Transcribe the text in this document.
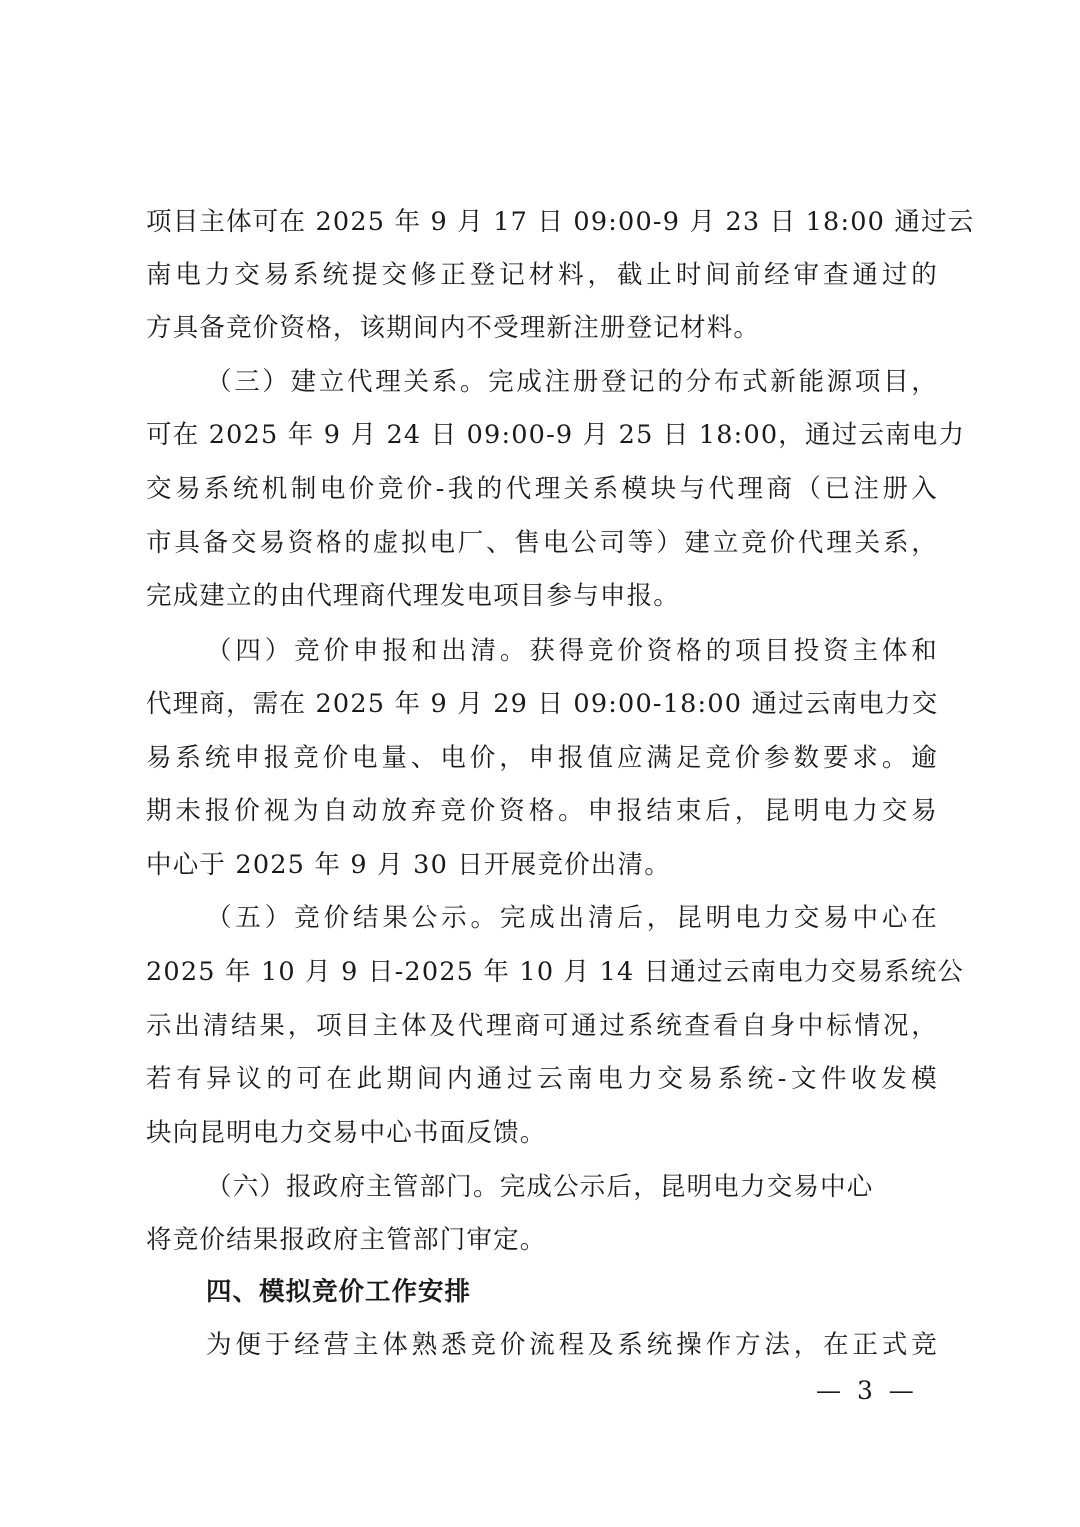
项目主体可在 2025 年 9 月 17 日 09:00-9 月 23 日 18:00 通过云
南电力交易系统提交修正登记材料，截止时间前经审查通过的
方具备竞价资格，该期间内不受理新注册登记材料。
（三）建立代理关系。完成注册登记的分布式新能源项目，
可在 2025 年 9 月 24 日 09:00-9 月 25 日 18:00，通过云南电力
交易系统机制电价竞价-我的代理关系模块与代理商（已注册入
市具备交易资格的虚拟电厂、售电公司等）建立竞价代理关系，
完成建立的由代理商代理发电项目参与申报。
（四）竞价申报和出清。获得竞价资格的项目投资主体和
代理商，需在 2025 年 9 月 29 日 09:00-18:00 通过云南电力交
易系统申报竞价电量、电价，申报值应满足竞价参数要求。逾
期未报价视为自动放弃竞价资格。申报结束后，昆明电力交易
中心于 2025 年 9 月 30 日开展竞价出清。
（五）竞价结果公示。完成出清后，昆明电力交易中心在
2025 年 10 月 9 日-2025 年 10 月 14 日通过云南电力交易系统公
示出清结果，项目主体及代理商可通过系统查看自身中标情况，
若有异议的可在此期间内通过云南电力交易系统-文件收发模
块向昆明电力交易中心书面反馈。
（六）报政府主管部门。完成公示后，昆明电力交易中心
将竞价结果报政府主管部门审定。
四、模拟竞价工作安排
为便于经营主体熟悉竞价流程及系统操作方法，在正式竞
— 3 —
